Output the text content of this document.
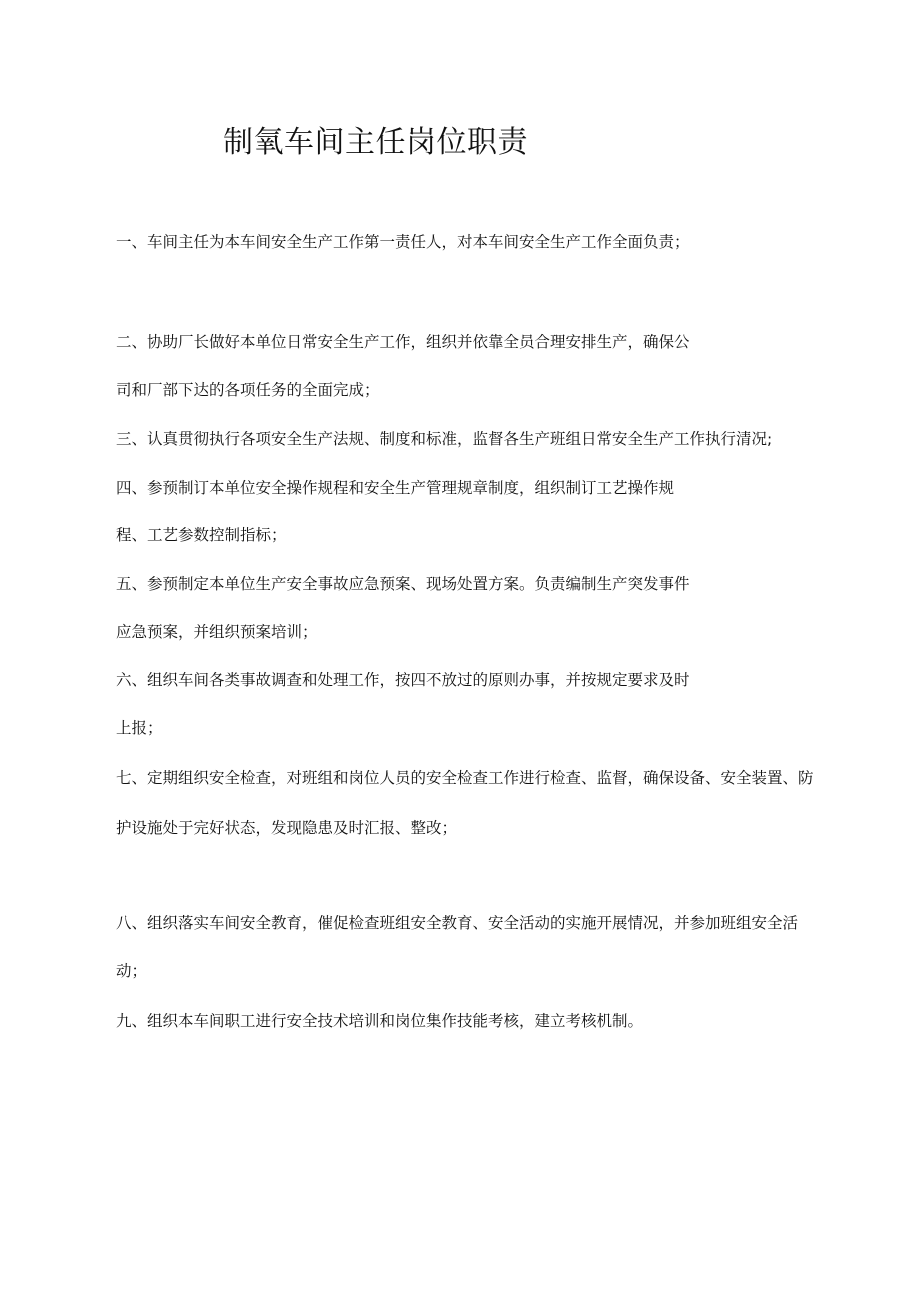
制氧车间主任岗位职责
一、车间主任为本车间安全生产工作第一责任人，对本车间安全生产工作全面负责；
二、协助厂长做好本单位日常安全生产工作，组织并依靠全员合理安排生产，确保公
司和厂部下达的各项任务的全面完成；
三、认真贯彻执行各项安全生产法规、制度和标准，监督各生产班组日常安全生产工作执行清况;
四、参预制订本单位安全操作规程和安全生产管理规章制度，组织制订工艺操作规
程、工艺参数控制指标；
五、参预制定本单位生产安全事故应急预案、现场处置方案。负责编制生产突发事件
应急预案，并组织预案培训；
六、组织车间各类事故调查和处理工作，按四不放过的原则办事，并按规定要求及时
上报；
七、定期组织安全检查，对班组和岗位人员的安全检查工作进行检查、监督，确保设备、安全装置、防
护设施处于完好状态，发现隐患及时汇报、整改；
八、组织落实车间安全教育，催促检查班组安全教育、安全活动的实施开展情况，并参加班组安全活
动；
九、组织本车间职工进行安全技术培训和岗位集作技能考核，建立考核机制。
